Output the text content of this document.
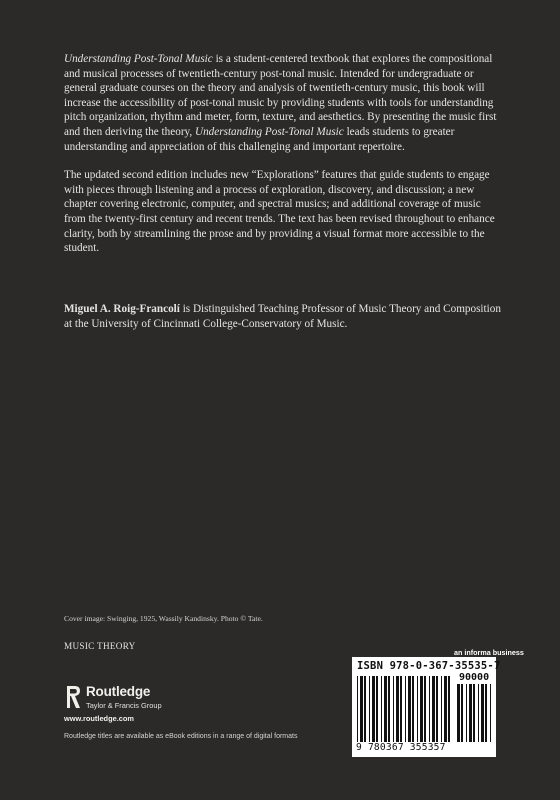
Understanding Post-Tonal Music is a student-centered textbook that explores the compositional and musical processes of twentieth-century post-tonal music. Intended for undergraduate or general graduate courses on the theory and analysis of twentieth-century music, this book will increase the accessibility of post-tonal music by providing students with tools for understanding pitch organization, rhythm and meter, form, texture, and aesthetics. By presenting the music first and then deriving the theory, Understanding Post-Tonal Music leads students to greater understanding and appreciation of this challenging and important repertoire.

The updated second edition includes new “Explorations” features that guide students to engage with pieces through listening and a process of exploration, discovery, and discussion; a new chapter covering electronic, computer, and spectral musics; and additional coverage of music from the twenty-first century and recent trends. The text has been revised throughout to enhance clarity, both by streamlining the prose and by providing a visual format more accessible to the student.

Miguel A. Roig-Francolí is Distinguished Teaching Professor of Music Theory and Composition at the University of Cincinnati College-Conservatory of Music.
Cover image: Swinging, 1925, Wassily Kandinsky. Photo © Tate.
MUSIC THEORY
Routledge
Taylor & Francis Group
www.routledge.com
Routledge titles are available as eBook editions in a range of digital formats
an informa business
ISBN 978-0-367-35535-7
90000
9 780367 355357
